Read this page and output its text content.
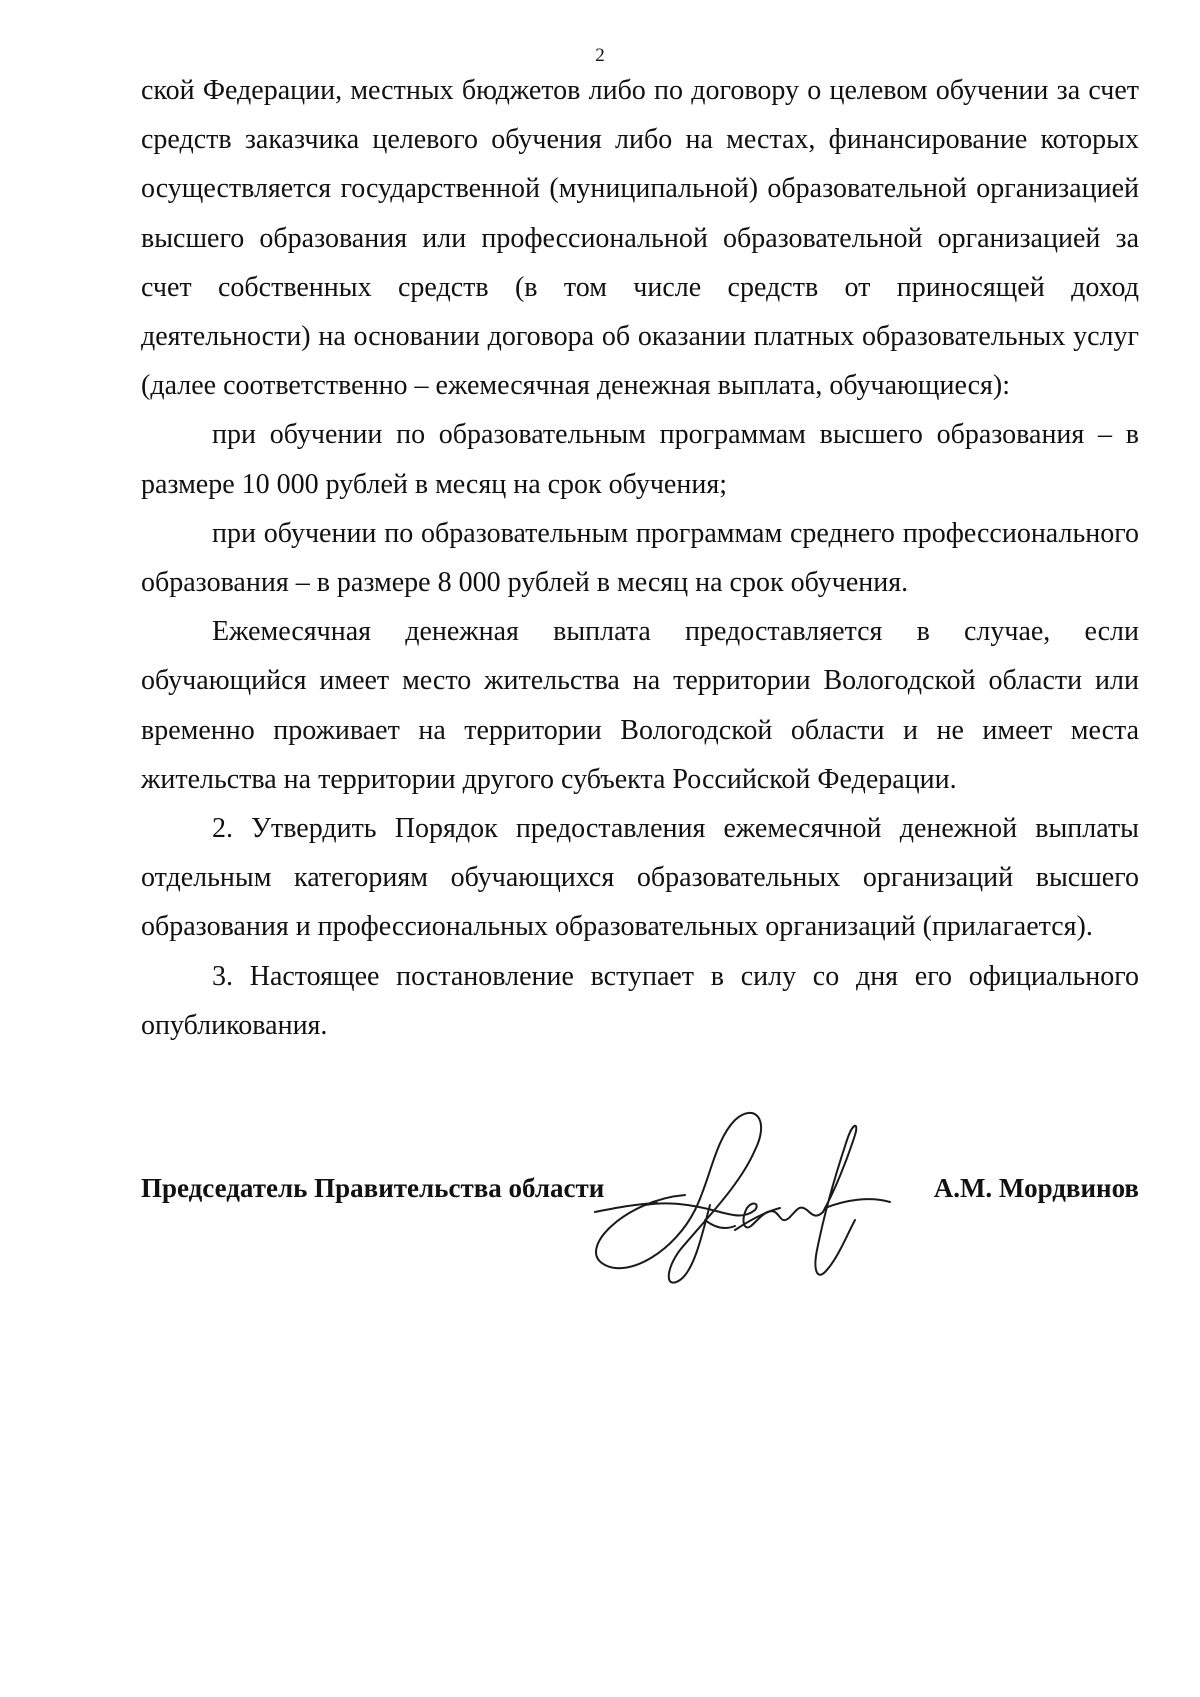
2

ской Федерации, местных бюджетов либо по договору о целевом обучении за счет средств заказчика целевого обучения либо на местах, финансирование которых осуществляется государственной (муниципальной) образовательной организацией высшего образования или профессиональной образовательной организацией за счет собственных средств (в том числе средств от приносящей доход деятельности) на основании договора об оказании платных образовательных услуг (далее соответственно – ежемесячная денежная выплата, обучающиеся):

при обучении по образовательным программам высшего образования – в размере 10 000 рублей в месяц на срок обучения;

при обучении по образовательным программам среднего профессионального образования – в размере 8 000 рублей в месяц на срок обучения.

Ежемесячная денежная выплата предоставляется в случае, если обучающийся имеет место жительства на территории Вологодской области или временно проживает на территории Вологодской области и не имеет места жительства на территории другого субъекта Российской Федерации.

2. Утвердить Порядок предоставления ежемесячной денежной выплаты отдельным категориям обучающихся образовательных организаций высшего образования и профессиональных образовательных организаций (прилагается).

3. Настоящее постановление вступает в силу со дня его официального опубликования.

Председатель Правительства области	А.М. Мордвинов
